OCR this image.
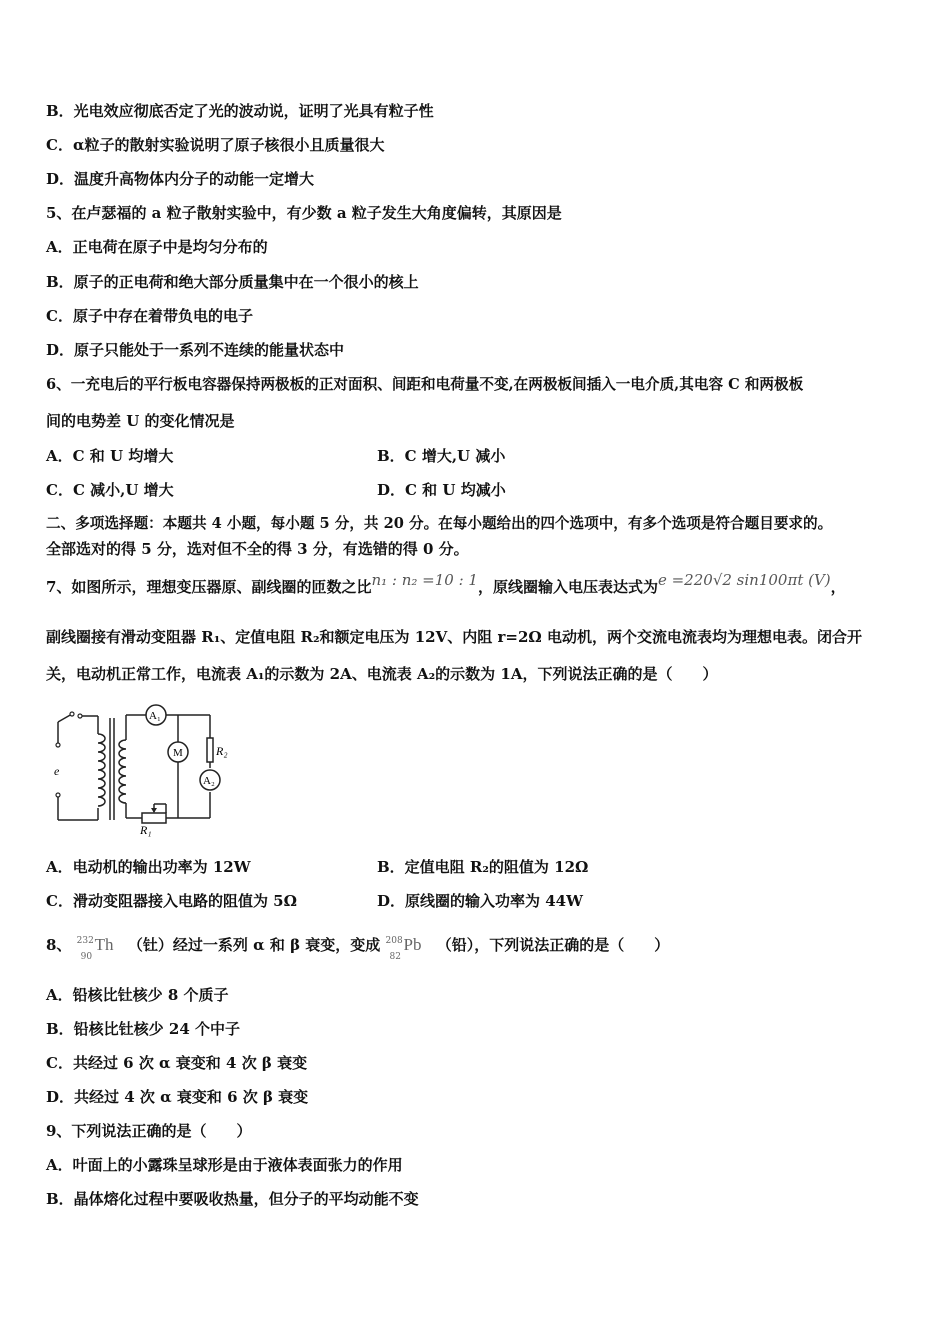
B．光电效应彻底否定了光的波动说，证明了光具有粒子性
C．α粒子的散射实验说明了原子核很小且质量很大
D．温度升高物体内分子的动能一定增大
5、在卢瑟福的 a 粒子散射实验中，有少数 a 粒子发生大角度偏转，其原因是
A．正电荷在原子中是均匀分布的
B．原子的正电荷和绝大部分质量集中在一个很小的核上
C．原子中存在着带负电的电子
D．原子只能处于一系列不连续的能量状态中
6、一充电后的平行板电容器保持两极板的正对面积、间距和电荷量不变,在两极板间插入一电介质,其电容 C 和两极板
间的电势差 U 的变化情况是
A．C 和 U 均增大	B．C 增大,U 减小
C．C 减小,U 增大	D．C 和 U 均减小
二、多项选择题：本题共 4 小题，每小题 5 分，共 20 分。在每小题给出的四个选项中，有多个选项是符合题目要求的。
全部选对的得 5 分，选对但不全的得 3 分，有选错的得 0 分。
7、如图所示，理想变压器原、副线圈的匝数之比n₁ : n₂ =10 : 1，原线圈输入电压表达式为e =220√2 sin100πt (V)，
副线圈接有滑动变阻器 R₁、定值电阻 R₂和额定电压为 12V、内阻 r=2Ω 电动机，两个交流电流表均为理想电表。闭合开
关，电动机正常工作，电流表 A₁的示数为 2A、电流表 A₂的示数为 1A，下列说法正确的是（　　）
A₁
M
A₂
R₂
e
R₁
A．电动机的输出功率为 12W	B．定值电阻 R₂的阻值为 12Ω
C．滑动变阻器接入电路的阻值为 5Ω	D．原线圈的输入功率为 44W
8、 232
90
Th （钍）经过一系列 α 和 β 衰变，变成 208
82
Pb （铅），下列说法正确的是（　　）
A．铅核比钍核少 8 个质子
B．铅核比钍核少 24 个中子
C．共经过 6 次 α 衰变和 4 次 β 衰变
D．共经过 4 次 α 衰变和 6 次 β 衰变
9、下列说法正确的是（　　）
A．叶面上的小露珠呈球形是由于液体表面张力的作用
B．晶体熔化过程中要吸收热量，但分子的平均动能不变
